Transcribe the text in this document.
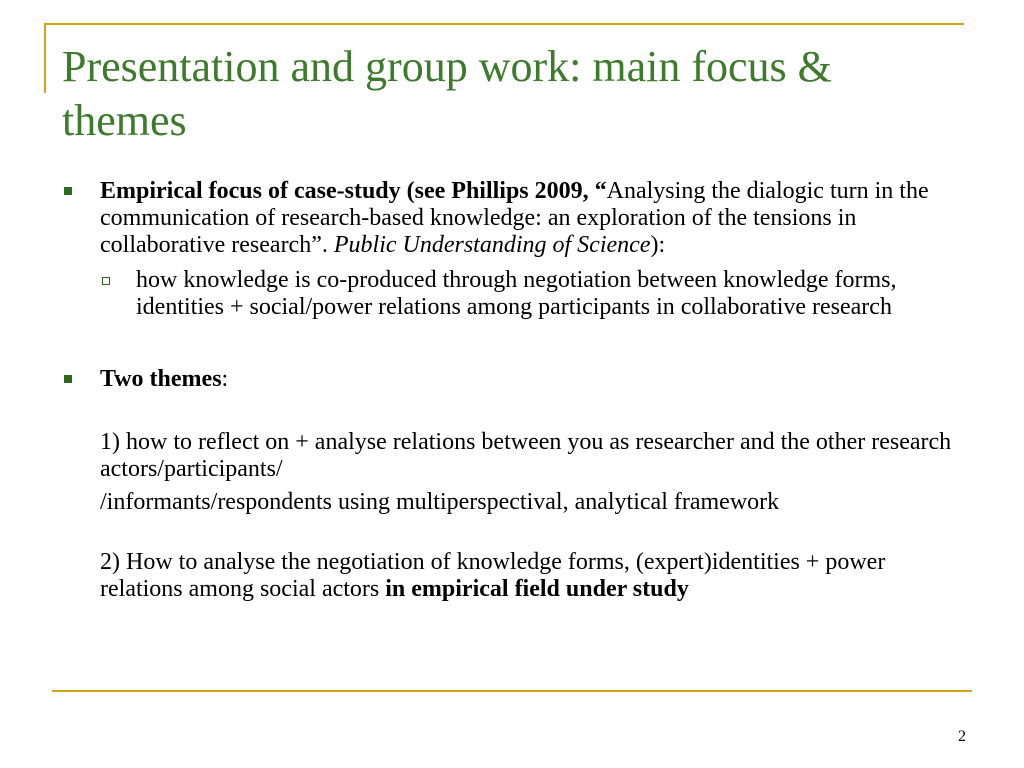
Presentation and group work: main focus & themes
Empirical focus of case-study (see Phillips 2009, “Analysing the dialogic turn in the communication of research-based knowledge: an exploration of the tensions in collaborative research”. Public Understanding of Science):
how knowledge is co-produced through negotiation between knowledge forms, identities + social/power relations among participants in collaborative research
Two themes:
1) how to reflect on + analyse relations between you as researcher and the other research actors/participants/
/informants/respondents using multiperspectival, analytical framework
2) How to analyse the negotiation of knowledge forms, (expert)identities + power relations among social actors in empirical field under study
2
